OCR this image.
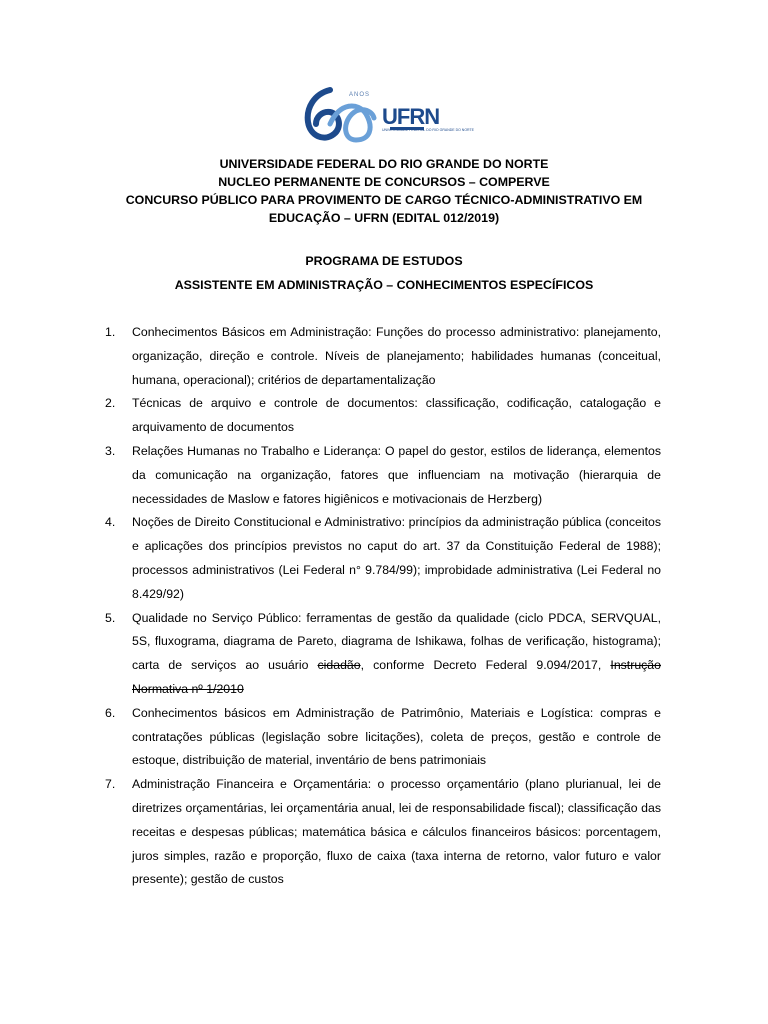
ANOS
UFRN
UNIVERSIDADE FEDERAL DO RIO GRANDE DO NORTE
UNIVERSIDADE FEDERAL DO RIO GRANDE DO NORTE
NUCLEO PERMANENTE DE CONCURSOS – COMPERVE
CONCURSO PÚBLICO PARA PROVIMENTO DE CARGO TÉCNICO-ADMINISTRATIVO EM
EDUCAÇÃO – UFRN (EDITAL 012/2019)
PROGRAMA DE ESTUDOS
ASSISTENTE EM ADMINISTRAÇÃO – CONHECIMENTOS ESPECÍFICOS
1.	Conhecimentos Básicos em Administração: Funções do processo administrativo: planejamento, organização, direção e controle. Níveis de planejamento; habilidades humanas (conceitual, humana, operacional); critérios de departamentalização
2.	Técnicas de arquivo e controle de documentos: classificação, codificação, catalogação e arquivamento de documentos
3.	Relações Humanas no Trabalho e Liderança: O papel do gestor, estilos de liderança, elementos da comunicação na organização, fatores que influenciam na motivação (hierarquia de necessidades de Maslow e fatores higiênicos e motivacionais de Herzberg)
4.	Noções de Direito Constitucional e Administrativo: princípios da administração pública (conceitos e aplicações dos princípios previstos no caput do art. 37 da Constituição Federal de 1988); processos administrativos (Lei Federal n° 9.784/99); improbidade administrativa (Lei Federal no 8.429/92)
5.	Qualidade no Serviço Público: ferramentas de gestão da qualidade (ciclo PDCA, SERVQUAL, 5S, fluxograma, diagrama de Pareto, diagrama de Ishikawa, folhas de verificação, histograma); carta de serviços ao usuário cidadão, conforme Decreto Federal 9.094/2017, Instrução Normativa nº 1/2010
6.	Conhecimentos básicos em Administração de Patrimônio, Materiais e Logística: compras e contratações públicas (legislação sobre licitações), coleta de preços, gestão e controle de estoque, distribuição de material, inventário de bens patrimoniais
7.	Administração Financeira e Orçamentária: o processo orçamentário (plano plurianual, lei de diretrizes orçamentárias, lei orçamentária anual, lei de responsabilidade fiscal); classificação das receitas e despesas públicas; matemática básica e cálculos financeiros básicos: porcentagem, juros simples, razão e proporção, fluxo de caixa (taxa interna de retorno, valor futuro e valor presente); gestão de custos
